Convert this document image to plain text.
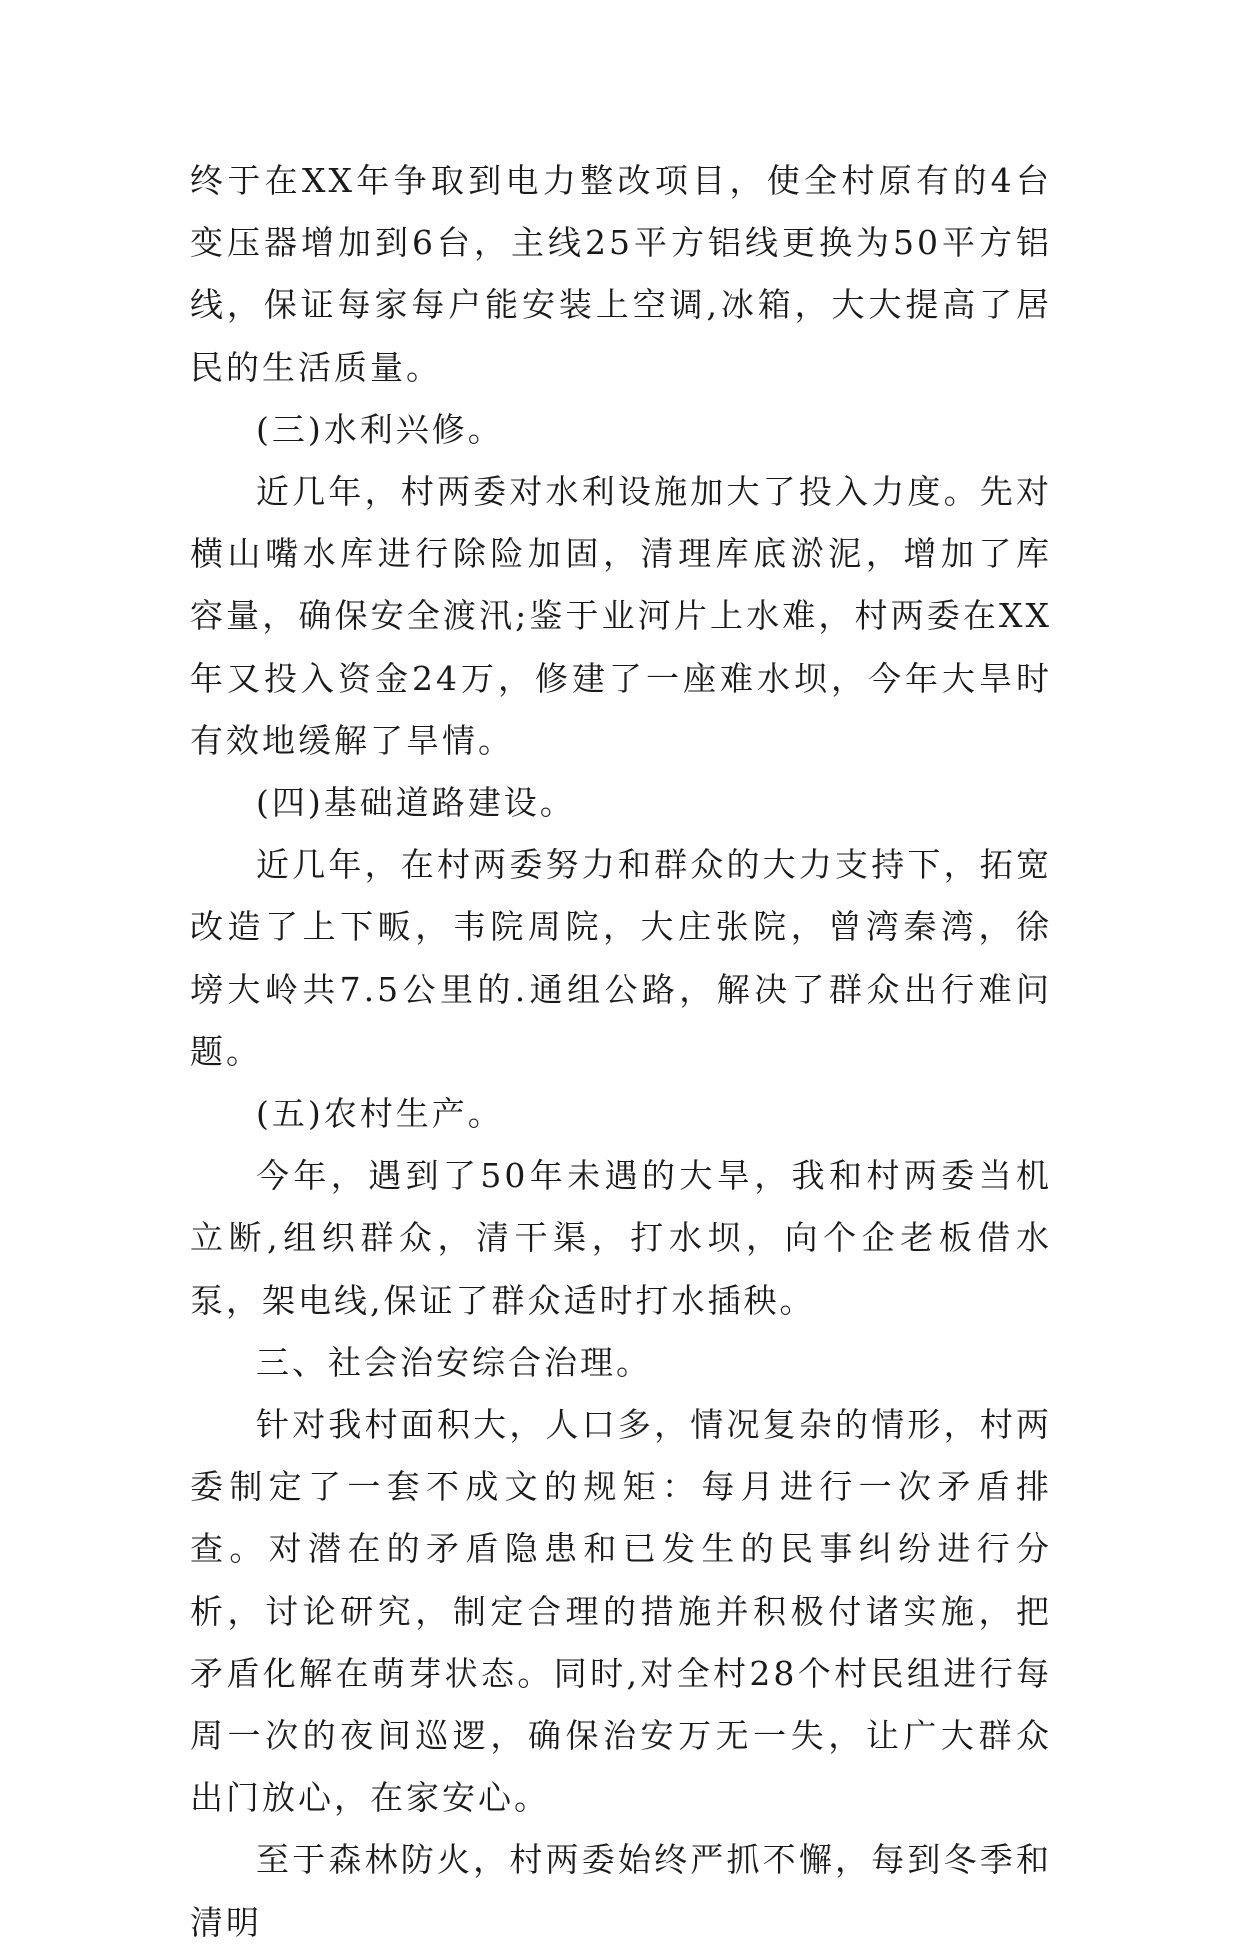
终于在XX年争取到电力整改项目，使全村原有的4台变压器增加到6台，主线25平方铝线更换为50平方铝线，保证每家每户能安装上空调,冰箱，大大提高了居民的生活质量。

(三)水利兴修。

近几年，村两委对水利设施加大了投入力度。先对横山嘴水库进行除险加固，清理库底淤泥，增加了库容量，确保安全渡汛;鉴于业河片上水难，村两委在XX年又投入资金24万，修建了一座难水坝，今年大旱时有效地缓解了旱情。

(四)基础道路建设。

近几年，在村两委努力和群众的大力支持下，拓宽改造了上下畈，韦院周院，大庄张院，曾湾秦湾，徐塝大岭共7.5公里的.通组公路，解决了群众出行难问题。

(五)农村生产。

今年，遇到了50年未遇的大旱，我和村两委当机立断,组织群众，清干渠，打水坝，向个企老板借水泵，架电线,保证了群众适时打水插秧。

三、社会治安综合治理。

针对我村面积大，人口多，情况复杂的情形，村两委制定了一套不成文的规矩：每月进行一次矛盾排查。对潜在的矛盾隐患和已发生的民事纠纷进行分析，讨论研究，制定合理的措施并积极付诸实施，把矛盾化解在萌芽状态。同时,对全村28个村民组进行每周一次的夜间巡逻，确保治安万无一失，让广大群众出门放心，在家安心。

至于森林防火，村两委始终严抓不懈，每到冬季和清明
